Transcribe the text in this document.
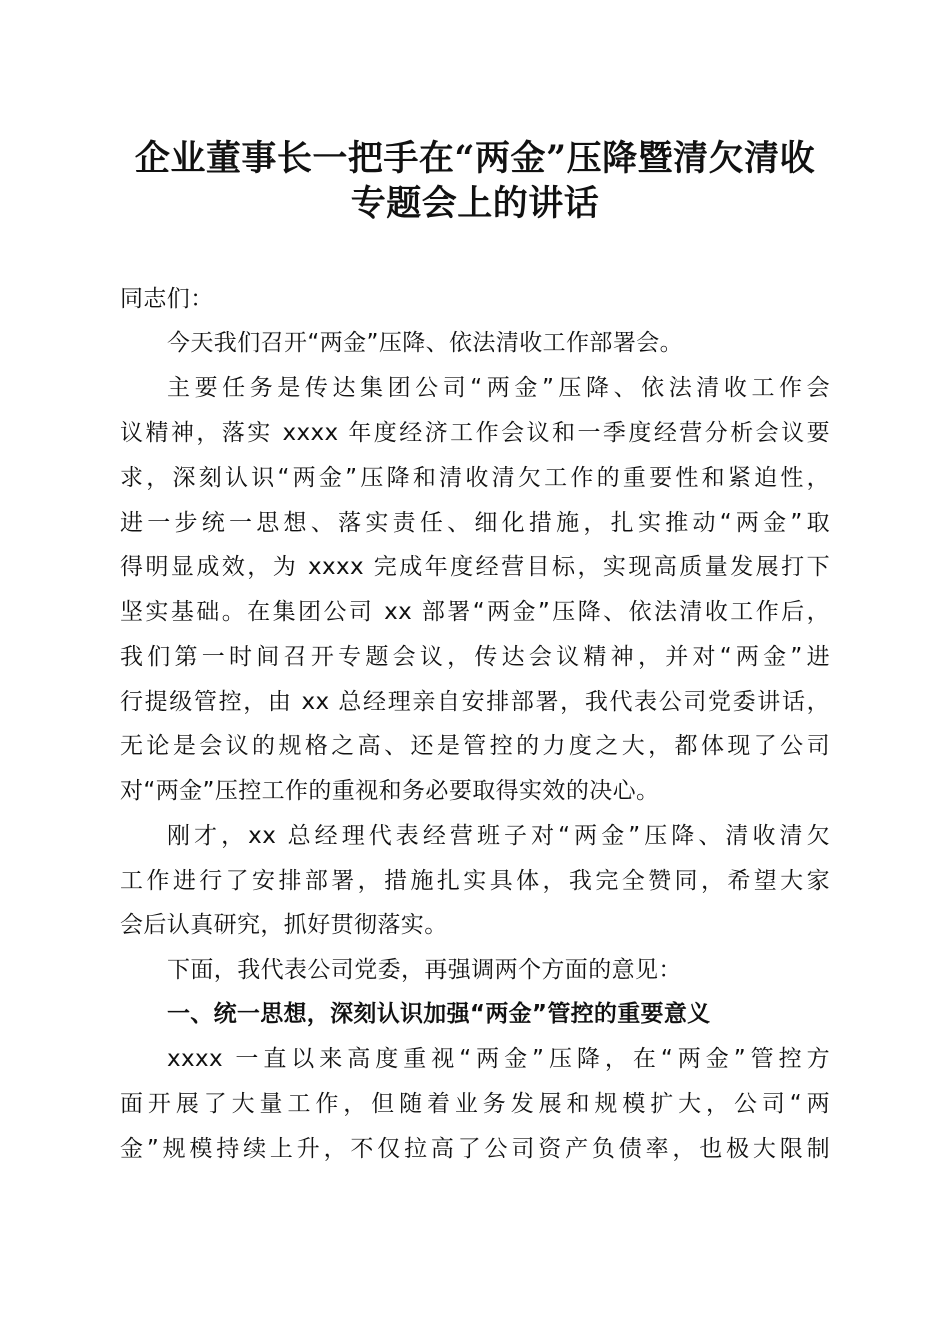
企业董事长一把手在“两金”压降暨清欠清收
专题会上的讲话
同志们：
今天我们召开“两金”压降、依法清收工作部署会。
主要任务是传达集团公司“两金”压降、依法清收工作会
议精神，落实 xxxx 年度经济工作会议和一季度经营分析会议要
求，深刻认识“两金”压降和清收清欠工作的重要性和紧迫性，
进一步统一思想、落实责任、细化措施，扎实推动“两金”取
得明显成效，为 xxxx 完成年度经营目标，实现高质量发展打下
坚实基础。在集团公司 xx 部署“两金”压降、依法清收工作后，
我们第一时间召开专题会议，传达会议精神，并对“两金”进
行提级管控，由 xx 总经理亲自安排部署，我代表公司党委讲话，
无论是会议的规格之高、还是管控的力度之大，都体现了公司
对“两金”压控工作的重视和务必要取得实效的决心。
刚才，xx 总经理代表经营班子对“两金”压降、清收清欠
工作进行了安排部署，措施扎实具体，我完全赞同，希望大家
会后认真研究，抓好贯彻落实。
下面，我代表公司党委，再强调两个方面的意见：
一、统一思想，深刻认识加强“两金”管控的重要意义
xxxx 一直以来高度重视“两金”压降，在“两金”管控方
面开展了大量工作，但随着业务发展和规模扩大，公司“两
金”规模持续上升，不仅拉高了公司资产负债率，也极大限制
